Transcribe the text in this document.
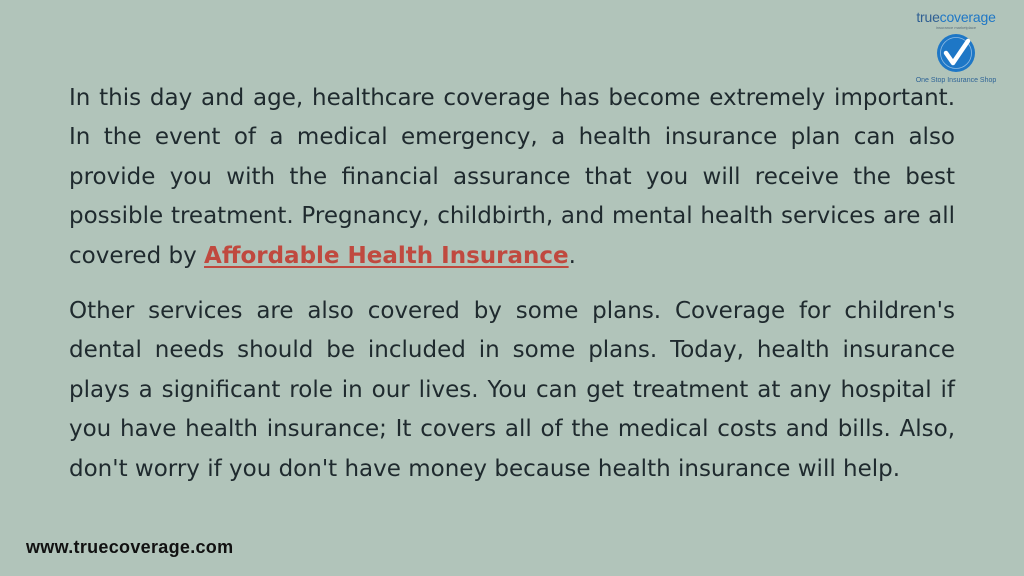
truecoverage
insurance marketplace
One Stop Insurance Shop

In this day and age, healthcare coverage has become extremely important. In the event of a medical emergency, a health insurance plan can also provide you with the financial assurance that you will receive the best possible treatment. Pregnancy, childbirth, and mental health services are all covered by Affordable Health Insurance.

Other services are also covered by some plans. Coverage for children's dental needs should be included in some plans. Today, health insurance plays a significant role in our lives. You can get treatment at any hospital if you have health insurance; It covers all of the medical costs and bills. Also, don't worry if you don't have money because health insurance will help.

www.truecoverage.com
